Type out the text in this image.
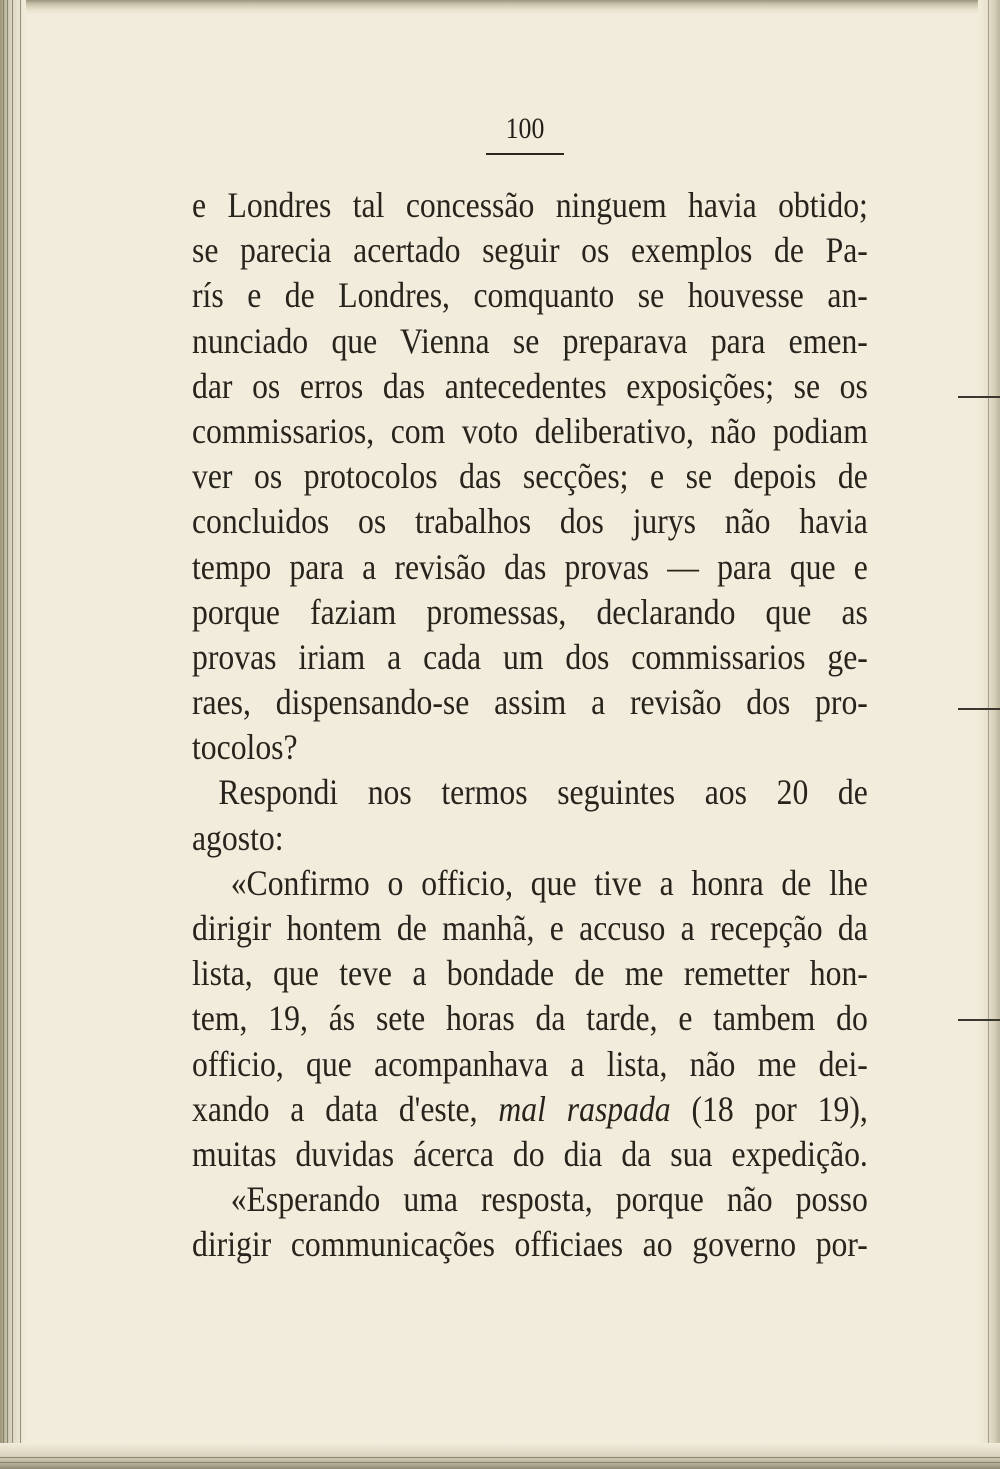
100
e Londres tal concessão ninguem havia obtido;
se parecia acertado seguir os exemplos de Pa-
rís e de Londres, comquanto se houvesse an-
nunciado que Vienna se preparava para emen-
dar os erros das antecedentes exposições; se os
commissarios, com voto deliberativo, não podiam
ver os protocolos das secções; e se depois de
concluidos os trabalhos dos jurys não havia
tempo para a revisão das provas — para que e
porque faziam promessas, declarando que as
provas iriam a cada um dos commissarios ge-
raes, dispensando-se assim a revisão dos pro-
tocolos?
Respondi nos termos seguintes aos 20 de
agosto:
«Confirmo o officio, que tive a honra de lhe
dirigir hontem de manhã, e accuso a recepção da
lista, que teve a bondade de me remetter hon-
tem, 19, ás sete horas da tarde, e tambem do
officio, que acompanhava a lista, não me dei-
xando a data d'este, mal raspada (18 por 19),
muitas duvidas ácerca do dia da sua expedição.
«Esperando uma resposta, porque não posso
dirigir communicações officiaes ao governo por-
